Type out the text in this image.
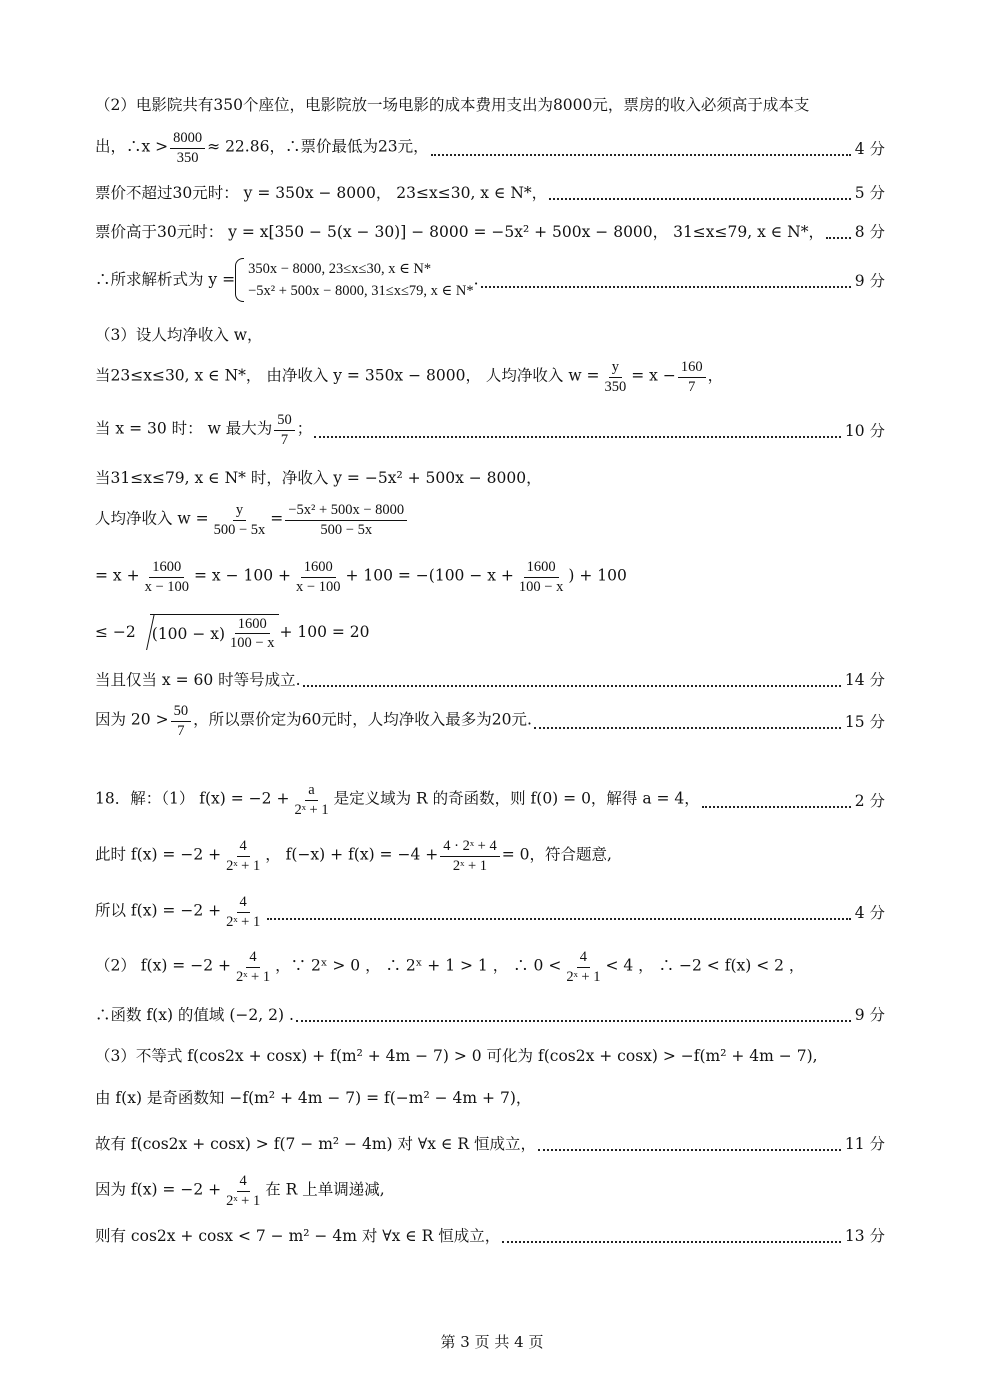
（2）电影院共有350个座位，电影院放一场电影的成本费用支出为8000元，票房的收入必须高于成本支
出，∴x > $\frac{8000}{350} \approx 22.86$，∴票价最低为23元，	4 分
票价不超过30元时： y = 350x − 8000， 23≤x≤30, x ∈ N*，	5 分
票价高于30元时： y = x[350 − 5(x − 30)] − 8000 = −5x² + 500x − 8000， 31≤x≤79, x ∈ N*， 8 分
∴所求解析式为 y =
350x − 8000, 23≤x≤30, x ∈ N*
−5x² + 500x − 8000, 31≤x≤79, x ∈ N*
.	9 分
（3）设人均净收入 w，
当23≤x≤30, x ∈ N*， 由净收入 y = 350x − 8000， 人均净收入 $w = \frac{y}{350} = x - \frac{160}{7}$ ，
当 x = 30 时： w 最大为 $\frac{50}{7}$ ；	10 分
当31≤x≤79, x ∈ N* 时，净收入 y = −5x² + 500x − 8000，
人均净收入 $w = \frac{y}{500 - 5x} = \frac{\text{−5x² + 500x − 8000}}{500 - 5x}$
= $x + \frac{1600}{x - 100} = x - 100 + \frac{1600}{x - 100} + 100 = -(100 - x + \frac{1600}{100 - x}$ ) + 100
≤ −2 $(100 - x) \frac{1600}{100 - x} + 100 = 20$
当且仅当 x = 60 时等号成立.	14 分
因为 $20 > \frac{50}{7}$ ，所以票价定为60元时，人均净收入最多为20元.	15 分
18．解：（1） $f(x) = -2 + \frac{a}{\text{2ˣ + 1}}$ 是定义域为 R 的奇函数，则 f(0) = 0，解得 a = 4，	2 分
此时 $f(x) = -2 + \frac{4}{\text{2ˣ + 1}}$ ， $f(-x) + f(x) = -4 + \frac{\text{4 · 2ˣ + 4}}{\text{2ˣ + 1}} = 0$，符合题意,
所以 $f(x) = -2 + \frac{4}{\text{2ˣ + 1}}$	4 分
（2） $f(x) = -2 + \frac{4}{\text{2ˣ + 1}}$ ，∵ 2ˣ > 0 ， ∴ 2ˣ + 1 > 1 ， ∴ $0 < \frac{4}{\text{2ˣ + 1}} < 4$ ， ∴ −2 < f(x) < 2 ，
∴函数 f(x) 的值域 (−2, 2) .	9 分
（3）不等式 f(cos2x + cosx) + f(m² + 4m − 7) > 0 可化为 f(cos2x + cosx) > −f(m² + 4m − 7),
由 f(x) 是奇函数知 −f(m² + 4m − 7) = f(−m² − 4m + 7)，
故有 f(cos2x + cosx) > f(7 − m² − 4m) 对 ∀x ∈ R 恒成立，	11 分
因为 $f(x) = -2 + \frac{4}{\text{2ˣ + 1}}$ 在 R 上单调递减,
则有 cos2x + cosx < 7 − m² − 4m 对 ∀x ∈ R 恒成立，	13 分
第 3 页 共 4 页
